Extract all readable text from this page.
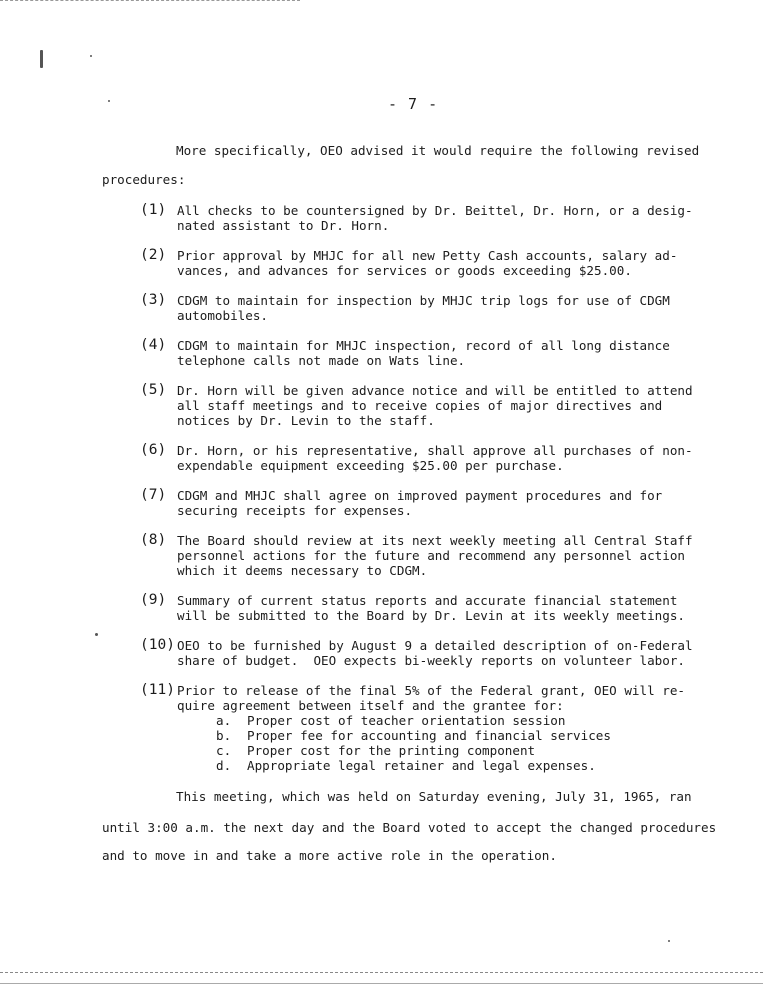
- 7 -
More specifically, OEO advised it would require the following revised
procedures:
(1) All checks to be countersigned by Dr. Beittel, Dr. Horn, or a desig-
nated assistant to Dr. Horn.
(2) Prior approval by MHJC for all new Petty Cash accounts, salary ad-
vances, and advances for services or goods exceeding $25.00.
(3) CDGM to maintain for inspection by MHJC trip logs for use of CDGM
automobiles.
(4) CDGM to maintain for MHJC inspection, record of all long distance
telephone calls not made on Wats line.
(5) Dr. Horn will be given advance notice and will be entitled to attend
all staff meetings and to receive copies of major directives and
notices by Dr. Levin to the staff.
(6) Dr. Horn, or his representative, shall approve all purchases of non-
expendable equipment exceeding $25.00 per purchase.
(7) CDGM and MHJC shall agree on improved payment procedures and for
securing receipts for expenses.
(8) The Board should review at its next weekly meeting all Central Staff
personnel actions for the future and recommend any personnel action
which it deems necessary to CDGM.
(9) Summary of current status reports and accurate financial statement
will be submitted to the Board by Dr. Levin at its weekly meetings.
(10) OEO to be furnished by August 9 a detailed description of on-Federal
share of budget.  OEO expects bi-weekly reports on volunteer labor.
(11) Prior to release of the final 5% of the Federal grant, OEO will re-
quire agreement between itself and the grantee for:
a. Proper cost of teacher orientation session
b. Proper fee for accounting and financial services
c. Proper cost for the printing component
d. Appropriate legal retainer and legal expenses.
This meeting, which was held on Saturday evening, July 31, 1965, ran
until 3:00 a.m. the next day and the Board voted to accept the changed procedures
and to move in and take a more active role in the operation.
